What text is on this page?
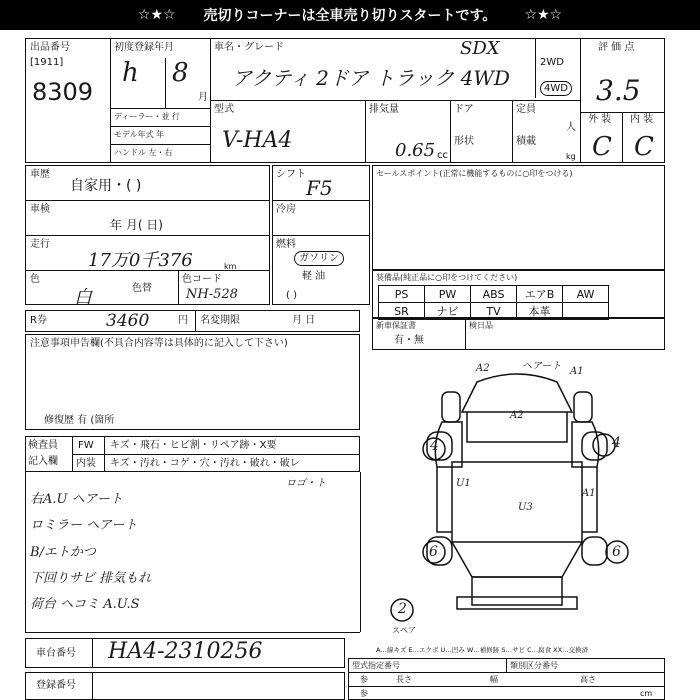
☆★☆ 売切りコーナーは全車売り切りスタートです。 ☆★☆
出品番号
[1911]
8309
初度登録年月
h 8
月
車名・グレード
アクティ 2ドア トラック 4WD
SDX
2WD
4WD
ディーラー・並 行
モデル年式 年
ハンドル 左・右
型式
V-HA4
排気量
0.65 cc
ドア	定員
人
形状	積載
kg
評 価 点
3.5
外 装 内 装
C C
車歴
自家用・( )
車検
年 月( 日)
走行
17万0千376	km
色
白	色替
シフト
F5
冷房
燃料
ガソリン
軽 油
( )
色コード
NH-528
セールスポイント(正常に機能するものに○印をつける)
R券	3460	円 名変期限	月 日
装備品(純正品に○印をつけてください)
PS	PW	ABS	エアB	AW
SR	ナビ	TV	本革	
新車保証書
有・無
検日品
注意事項申告欄(不具合内容等は具体的に記入して下さい)
修復歴 有 (箇所
検査員
記入欄
FW キズ・飛石・ヒビ割・リペア跡・X要
内装 キズ・汚れ・コゲ・穴・汚れ・破れ・破レ
ロゴ・ト
右A.U ヘアート
ロミラー ヘアート
B/エトかつ
下回りサビ 排気もれ
荷台 ヘコミ A.U.S
A2	ヘアート A1
A2
4	4
U1
U3
A1
6	6
2
スペア
A…線キズ E…エクボ U…凹み W…補修跡 S…サビ C…腐食 XX…交換済
車台番号 HA4-2310256
登録番号
型式指定番号	類別区分番号
参	長さ	幅	高さ
参	cm
